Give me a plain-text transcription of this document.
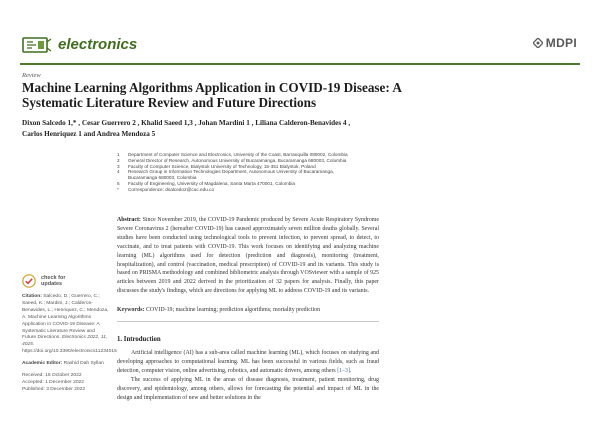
electronics	MDPI
Review
Machine Learning Algorithms Application in COVID-19 Disease: A Systematic Literature Review and Future Directions
Dixon Salcedo 1,* , Cesar Guerrero 2 , Khalid Saeed 1,3 , Johan Mardini 1 , Liliana Calderon-Benavides 4 ,
Carlos Henriquez 1 and Andrea Mendoza 5
1	Department of Computer Science and Electronics, University of the Coast, Barranquilla 080002, Colombia
2	General Director of Research, Autonomous University of Bucaramanga, Bucaramanga 680003, Colombia
3	Faculty of Computer Science, Bialystok University of Technology, 15-351 Bialystok, Poland
4	Research Group in Information Technologies Department, Autonomous University of Bucaramanga,
Bucaramanga 680003, Colombia
5	Faculty of Engineering, University of Magdalena, Santa Marta 470001, Colombia
*	Correspondence: dsalcedo2@cuc.edu.co
Abstract: Since November 2019, the COVID-19 Pandemic produced by Severe Acute Respiratory Syndrome Severe Coronavirus 2 (hereafter COVID-19) has caused approximately seven million deaths globally. Several studies have been conducted using technological tools to prevent infection, to prevent spread, to detect, to vaccinate, and to treat patients with COVID-19. This work focuses on identifying and analyzing machine learning (ML) algorithms used for detection (prediction and diagnosis), monitoring (treatment, hospitalization), and control (vaccination, medical prescription) of COVID-19 and its variants. This study is based on PRISMA methodology and combined bibliometric analysis through VOSviewer with a sample of 925 articles between 2019 and 2022 derived in the prioritization of 32 papers for analysis. Finally, this paper discusses the study's findings, which are directions for applying ML to address COVID-19 and its variants.
Keywords: COVID-19; machine learning; prediction algorithms; mortality prediction
1. Introduction

Artificial intelligence (AI) has a sub-area called machine learning (ML), which focuses on studying and developing approaches to computational learning. ML has been successful in various fields, such as fraud detection, computer vision, online advertising, robotics, and automatic drivers, among others [1–3].

The success of applying ML in the areas of disease diagnosis, treatment, patient monitoring, drug discovery, and epidemiology, among others, allows for forecasting the potential and impact of ML in the design and implementation of new and better solutions in the

check for
updates
Citation: Salcedo, D.; Guerrero, C.; Saeed, K.; Mardini, J.; Calderon-Benavides, L.; Henriquez, C.; Mendoza, A. Machine Learning Algorithms Application in COVID-19 Disease: A Systematic Literature Review and Future Directions. Electronics 2022, 11, 4015. https://doi.org/10.3390/electronics11234015
Academic Editor: Rashid Dah Syllan
Received: 16 October 2022
Accepted: 1 December 2022
Published: 3 December 2022
